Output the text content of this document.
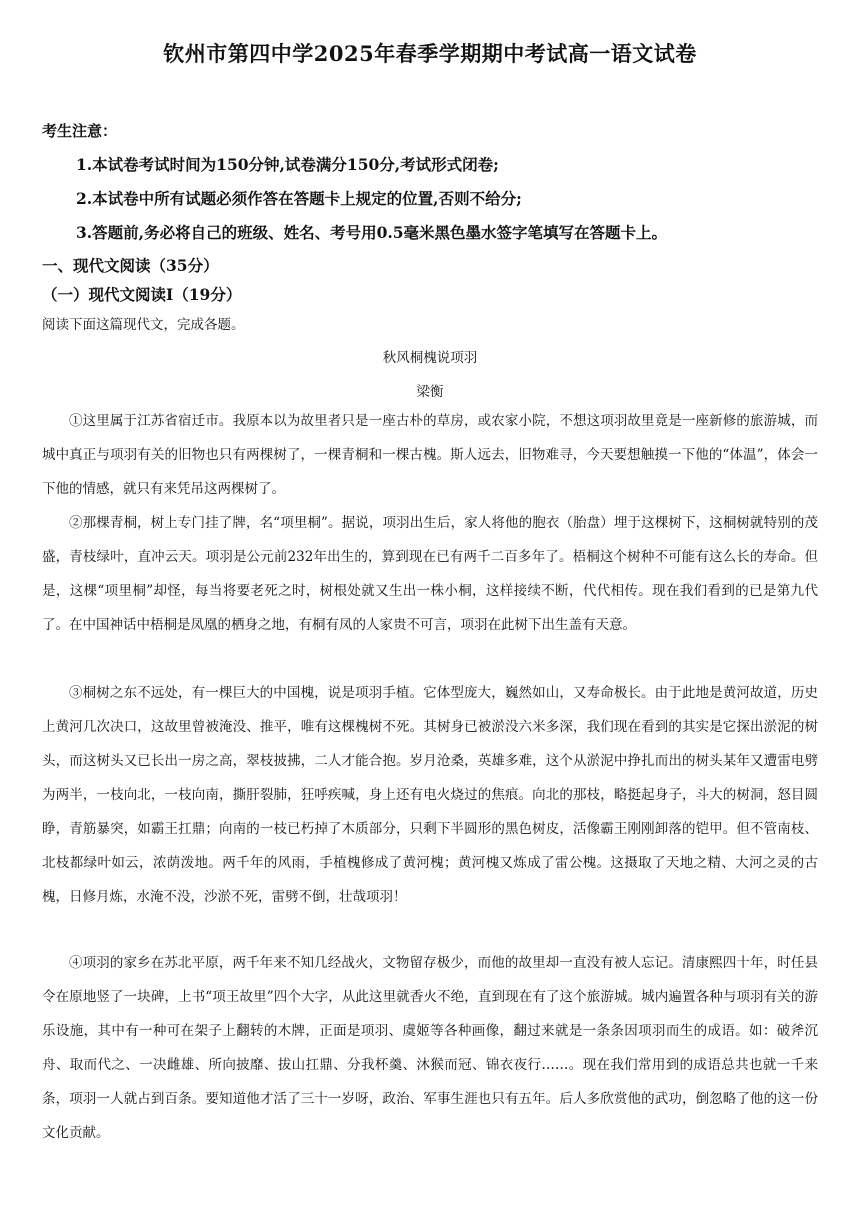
钦州市第四中学2025年春季学期期中考试高一语文试卷
考生注意：
1.本试卷考试时间为150分钟,试卷满分150分,考试形式闭卷;
2.本试卷中所有试题必须作答在答题卡上规定的位置,否则不给分;
3.答题前,务必将自己的班级、姓名、考号用0.5毫米黑色墨水签字笔填写在答题卡上。
一、现代文阅读（35分）
（一）现代文阅读Ⅰ（19分）
阅读下面这篇现代文，完成各题。
秋风桐槐说项羽
梁衡
①这里属于江苏省宿迁市。我原本以为故里者只是一座古朴的草房，或农家小院，不想这项羽故里竟是一座新修的旅游城，而城中真正与项羽有关的旧物也只有两棵树了，一棵青桐和一棵古槐。斯人远去，旧物难寻，今天要想触摸一下他的“体温”，体会一下他的情感，就只有来凭吊这两棵树了。
②那棵青桐，树上专门挂了牌，名“项里桐”。据说，项羽出生后，家人将他的胞衣（胎盘）埋于这棵树下，这桐树就特别的茂盛，青枝绿叶，直冲云天。项羽是公元前232年出生的，算到现在已有两千二百多年了。梧桐这个树种不可能有这么长的寿命。但是，这棵“项里桐”却怪，每当将要老死之时，树根处就又生出一株小桐，这样接续不断，代代相传。现在我们看到的已是第九代了。在中国神话中梧桐是凤凰的栖身之地，有桐有凤的人家贵不可言，项羽在此树下出生盖有天意。
③桐树之东不远处，有一棵巨大的中国槐，说是项羽手植。它体型庞大，巍然如山，又寿命极长。由于此地是黄河故道，历史上黄河几次决口，这故里曾被淹没、推平，唯有这棵槐树不死。其树身已被淤没六米多深，我们现在看到的其实是它探出淤泥的树头，而这树头又已长出一房之高，翠枝披拂，二人才能合抱。岁月沧桑，英雄多难，这个从淤泥中挣扎而出的树头某年又遭雷电劈为两半，一枝向北，一枝向南，撕肝裂肺，狂呼疾喊，身上还有电火烧过的焦痕。向北的那枝，略挺起身子，斗大的树洞，怒目圆睁，青筋暴突，如霸王扛鼎；向南的一枝已朽掉了木质部分，只剩下半圆形的黑色树皮，活像霸王刚刚卸落的铠甲。但不管南枝、北枝都绿叶如云，浓荫泼地。两千年的风雨，手植槐修成了黄河槐；黄河槐又炼成了雷公槐。这摄取了天地之精、大河之灵的古槐，日修月炼，水淹不没，沙淤不死，雷劈不倒，壮哉项羽！
④项羽的家乡在苏北平原，两千年来不知几经战火，文物留存极少，而他的故里却一直没有被人忘记。清康熙四十年，时任县令在原地竖了一块碑，上书“项王故里”四个大字，从此这里就香火不绝，直到现在有了这个旅游城。城内遍置各种与项羽有关的游乐设施，其中有一种可在架子上翻转的木牌，正面是项羽、虞姬等各种画像，翻过来就是一条条因项羽而生的成语。如：破斧沉舟、取而代之、一决雌雄、所向披靡、拔山扛鼎、分我杯羹、沐猴而冠、锦衣夜行……。现在我们常用到的成语总共也就一千来条，项羽一人就占到百条。要知道他才活了三十一岁呀，政治、军事生涯也只有五年。后人多欣赏他的武功，倒忽略了他的这一份文化贡献。
